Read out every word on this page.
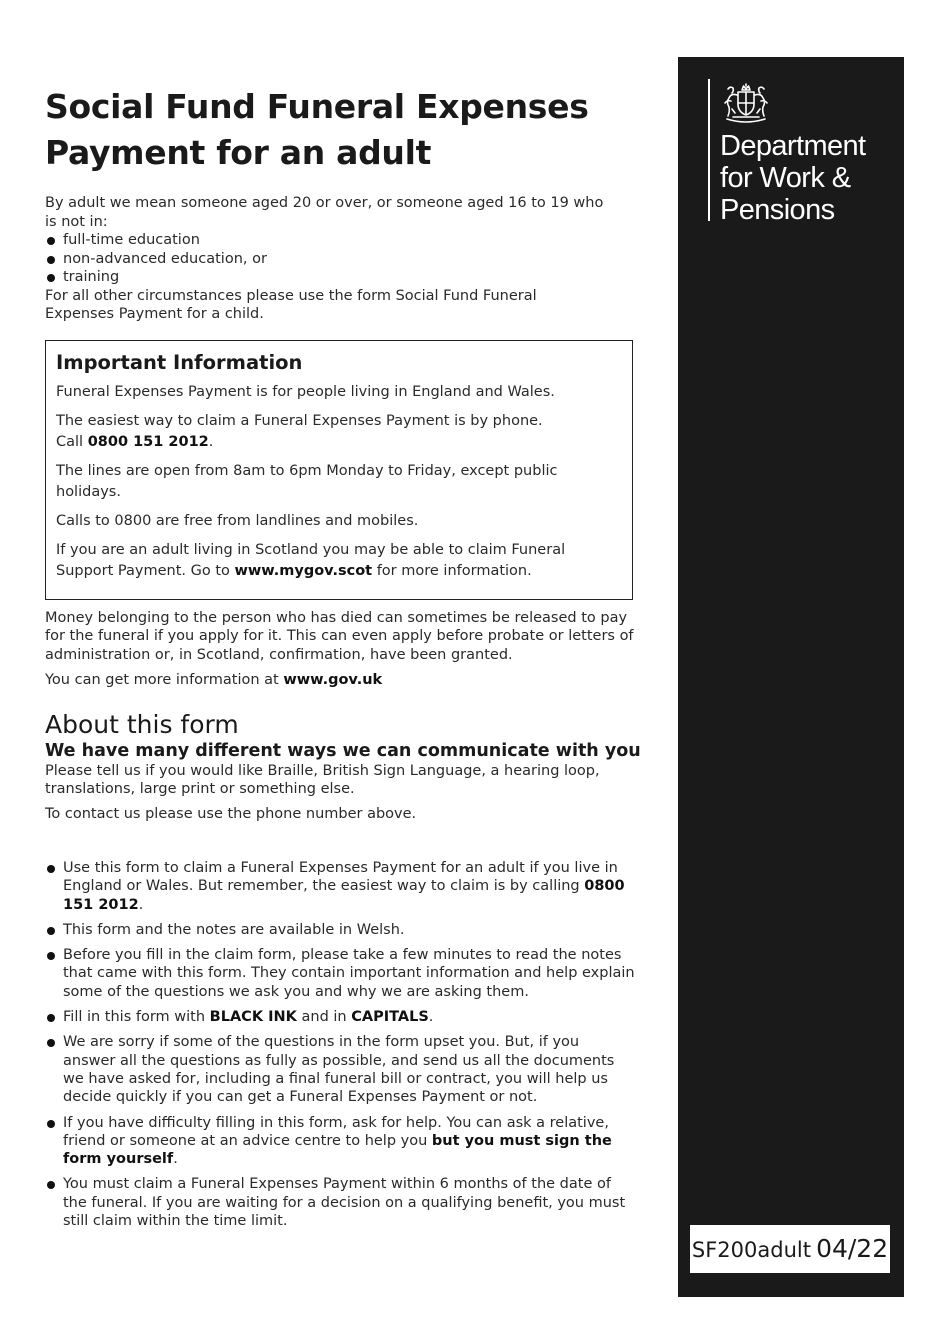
Social Fund Funeral Expenses
Payment for an adult

By adult we mean someone aged 20 or over, or someone aged 16 to 19 who is not in:

full-time education
non-advanced education, or
training

For all other circumstances please use the form Social Fund Funeral Expenses Payment for a child.

Important Information

Funeral Expenses Payment is for people living in England and Wales.

The easiest way to claim a Funeral Expenses Payment is by phone.
Call 0800 151 2012.

The lines are open from 8am to 6pm Monday to Friday, except public holidays.

Calls to 0800 are free from landlines and mobiles.

If you are an adult living in Scotland you may be able to claim Funeral Support Payment. Go to www.mygov.scot for more information.

Money belonging to the person who has died can sometimes be released to pay for the funeral if you apply for it. This can even apply before probate or letters of administration or, in Scotland, confirmation, have been granted.

You can get more information at www.gov.uk

About this form
We have many different ways we can communicate with you

Please tell us if you would like Braille, British Sign Language, a hearing loop, translations, large print or something else.

To contact us please use the phone number above.

Use this form to claim a Funeral Expenses Payment for an adult if you live in England or Wales. But remember, the easiest way to claim is by calling 0800 151 2012.
This form and the notes are available in Welsh.
Before you fill in the claim form, please take a few minutes to read the notes that came with this form. They contain important information and help explain some of the questions we ask you and why we are asking them.
Fill in this form with BLACK INK and in CAPITALS.
We are sorry if some of the questions in the form upset you. But, if you answer all the questions as fully as possible, and send us all the documents we have asked for, including a final funeral bill or contract, you will help us decide quickly if you can get a Funeral Expenses Payment or not.
If you have difficulty filling in this form, ask for help. You can ask a relative, friend or someone at an advice centre to help you but you must sign the form yourself.
You must claim a Funeral Expenses Payment within 6 months of the date of the funeral. If you are waiting for a decision on a qualifying benefit, you must still claim within the time limit.
Department
for Work &
Pensions
SF200adult 04/22
